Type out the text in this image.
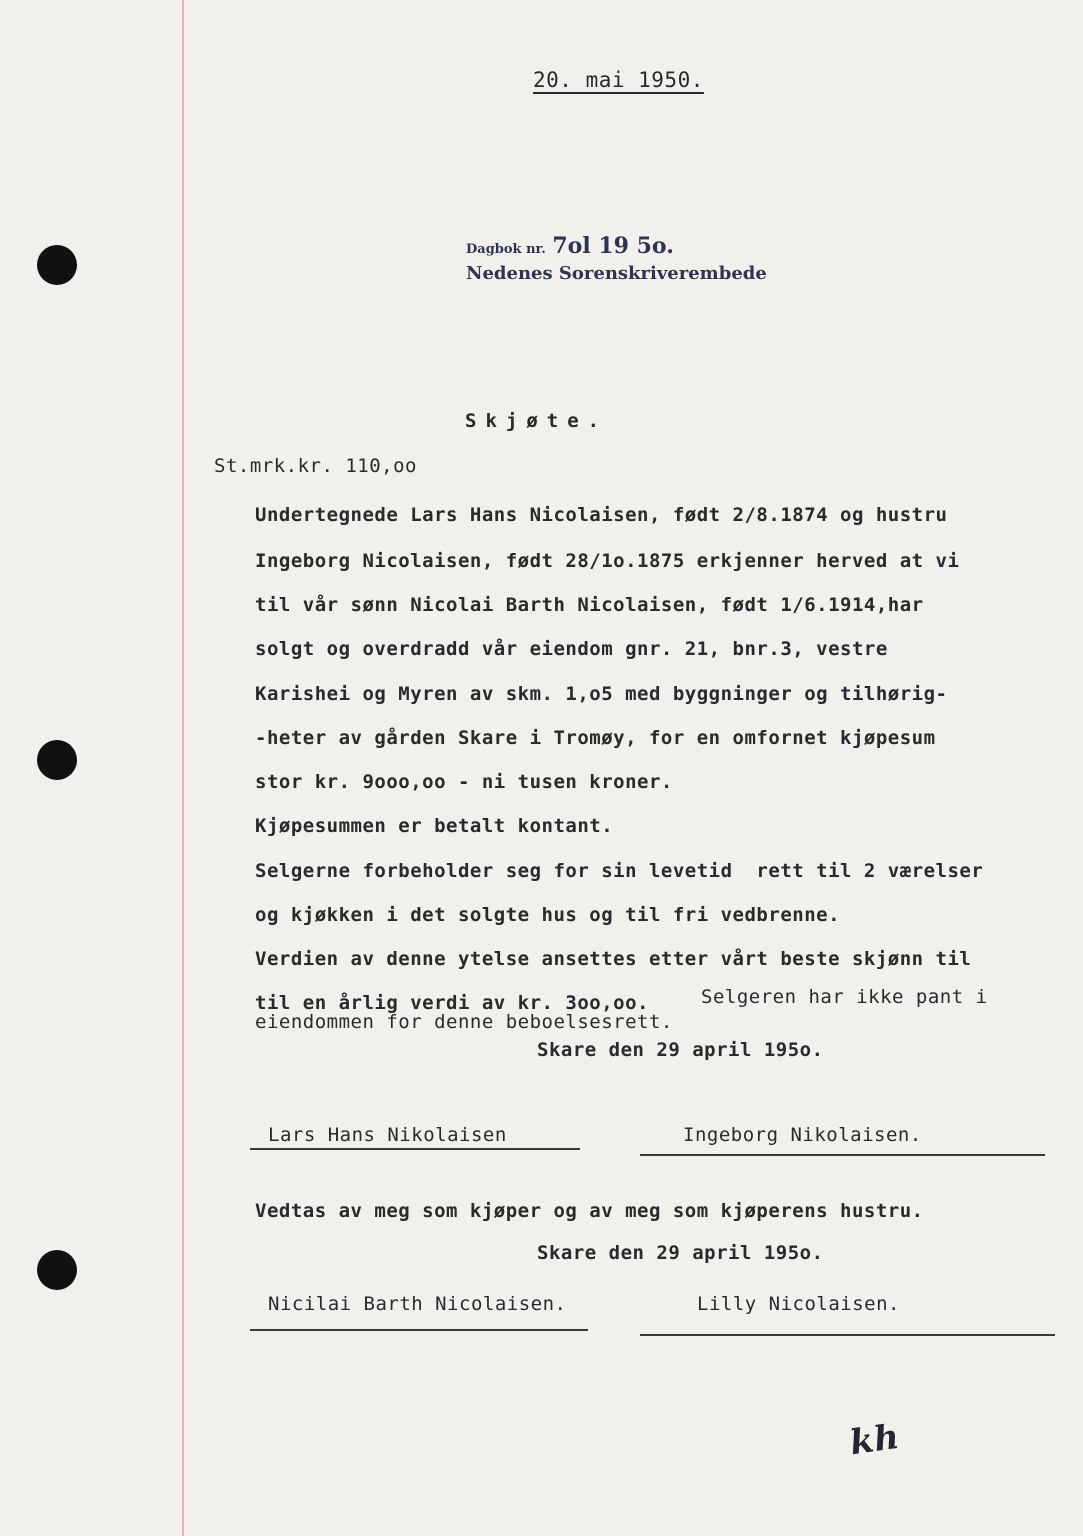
20. mai 1950.
Dagbok nr. 7ol 19 5o.
Nedenes Sorenskriverembede
Skjøte.
St.mrk.kr. 110,oo
Undertegnede Lars Hans Nicolaisen, født 2/8.1874 og hustru
Ingeborg Nicolaisen, født 28/1o.1875 erkjenner herved at vi
til vår sønn Nicolai Barth Nicolaisen, født 1/6.1914,har
solgt og overdradd vår eiendom gnr. 21, bnr.3, vestre
Karishei og Myren av skm. 1,o5 med byggninger og tilhørig-
-heter av gården Skare i Tromøy, for en omfornet kjøpesum
stor kr. 9ooo,oo - ni tusen kroner.
Kjøpesummen er betalt kontant.
Selgerne forbeholder seg for sin levetid  rett til 2 værelser
og kjøkken i det solgte hus og til fri vedbrenne.
Verdien av denne ytelse ansettes etter vårt beste skjønn til
til en årlig verdi av kr. 3oo,oo.	Selgeren har ikke pant i
eiendommen for denne beboelsesrett.
Skare den 29 april 195o.
Lars Hans Nikolaisen	Ingeborg Nikolaisen.
Vedtas av meg som kjøper og av meg som kjøperens hustru.
Skare den 29 april 195o.
Nicilai Barth Nicolaisen.	Lilly Nicolaisen.
kh
